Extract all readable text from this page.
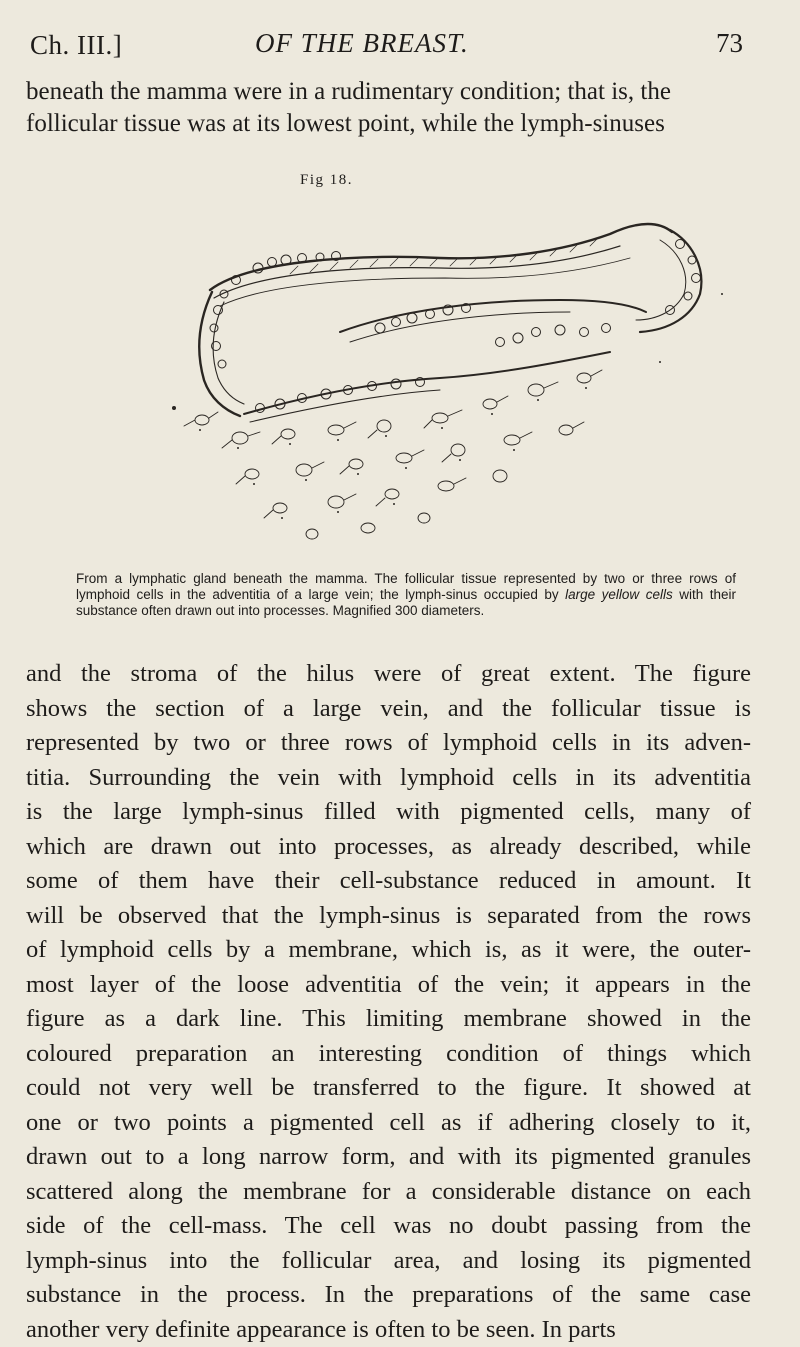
Ch. III.]	OF THE BREAST.	73
beneath the mamma were in a rudimentary condition; that is, the
follicular tissue was at its lowest point, while the lymph-sinuses
Fig 18.
From a lymphatic gland beneath the mamma. The follicular tissue represented by two or three rows of lymphoid cells in the adventitia of a large vein; the lymph-sinus occupied by large yellow cells with their substance often drawn out into processes. Magnified 300 diameters.
and the stroma of the hilus were of great extent. The figure
shows the section of a large vein, and the follicular tissue is
represented by two or three rows of lymphoid cells in its adven-
titia. Surrounding the vein with lymphoid cells in its adventitia
is the large lymph-sinus filled with pigmented cells, many of
which are drawn out into processes, as already described, while
some of them have their cell-substance reduced in amount. It
will be observed that the lymph-sinus is separated from the rows
of lymphoid cells by a membrane, which is, as it were, the outer-
most layer of the loose adventitia of the vein; it appears in the
figure as a dark line. This limiting membrane showed in the
coloured preparation an interesting condition of things which
could not very well be transferred to the figure. It showed at
one or two points a pigmented cell as if adhering closely to it,
drawn out to a long narrow form, and with its pigmented granules
scattered along the membrane for a considerable distance on each
side of the cell-mass. The cell was no doubt passing from the
lymph-sinus into the follicular area, and losing its pigmented
substance in the process. In the preparations of the same case
another very definite appearance is often to be seen. In parts
